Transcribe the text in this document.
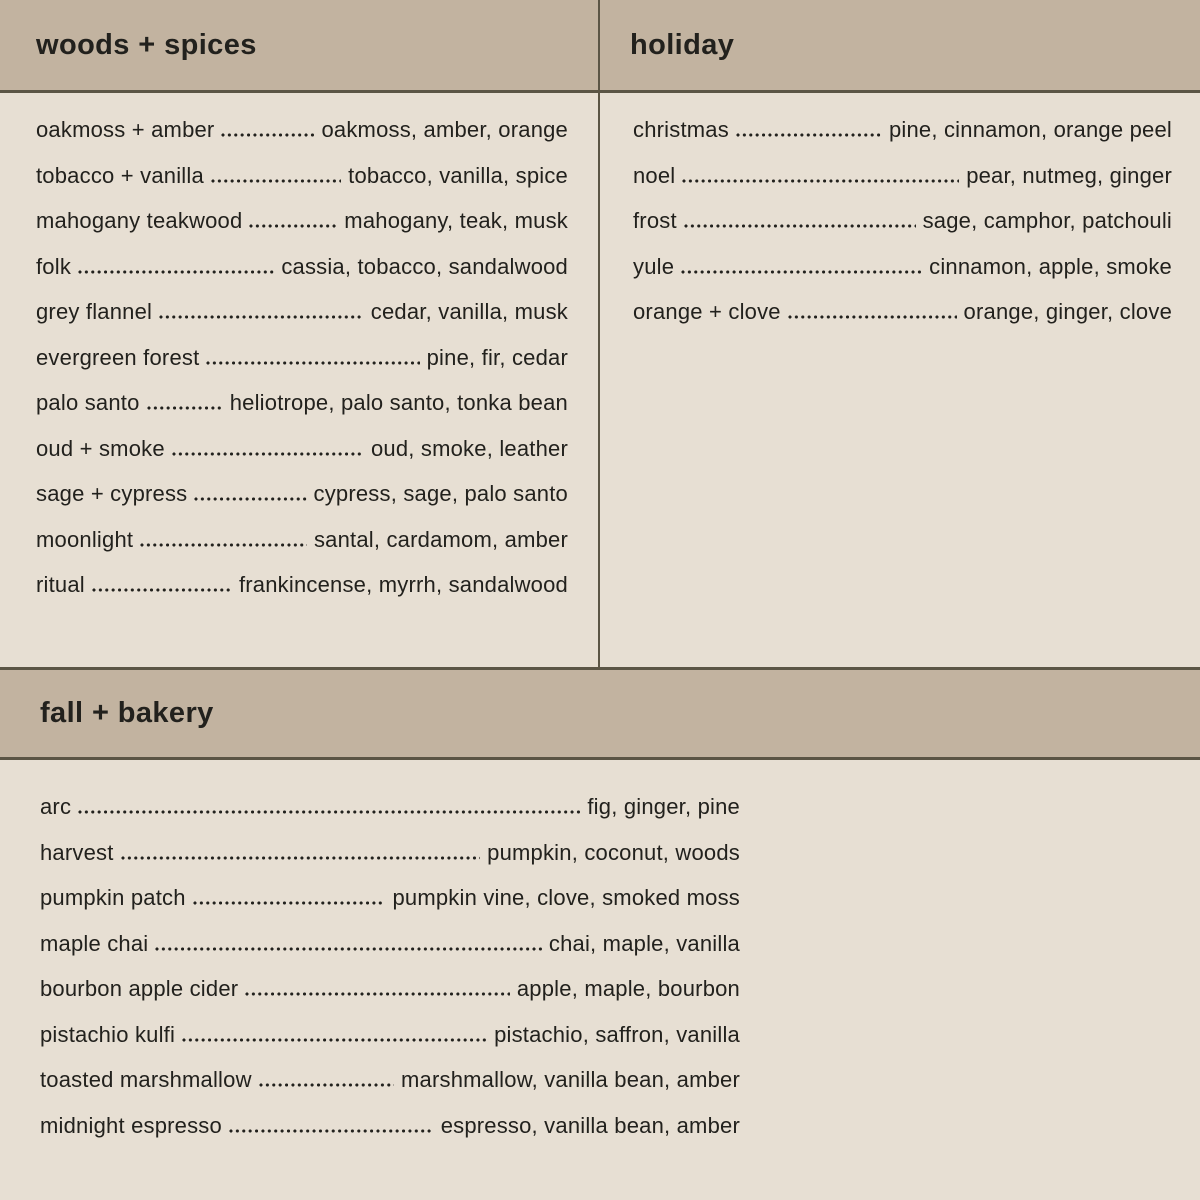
woods + spices
oakmoss + amber	oakmoss, amber, orange
tobacco + vanilla	tobacco, vanilla, spice
mahogany teakwood	mahogany, teak, musk
folk	cassia, tobacco, sandalwood
grey flannel	cedar, vanilla, musk
evergreen forest	pine, fir, cedar
palo santo	heliotrope, palo santo, tonka bean
oud + smoke	oud, smoke, leather
sage + cypress	cypress, sage, palo santo
moonlight	santal, cardamom, amber
ritual	frankincense, myrrh, sandalwood
holiday
christmas	pine, cinnamon, orange peel
noel	pear, nutmeg, ginger
frost	sage, camphor, patchouli
yule	cinnamon, apple, smoke
orange + clove	orange, ginger, clove
fall + bakery
arc	fig, ginger, pine
harvest	pumpkin, coconut, woods
pumpkin patch	pumpkin vine, clove, smoked moss
maple chai	chai, maple, vanilla
bourbon apple cider	apple, maple, bourbon
pistachio kulfi	pistachio, saffron, vanilla
toasted marshmallow	marshmallow, vanilla bean, amber
midnight espresso	espresso, vanilla bean, amber
